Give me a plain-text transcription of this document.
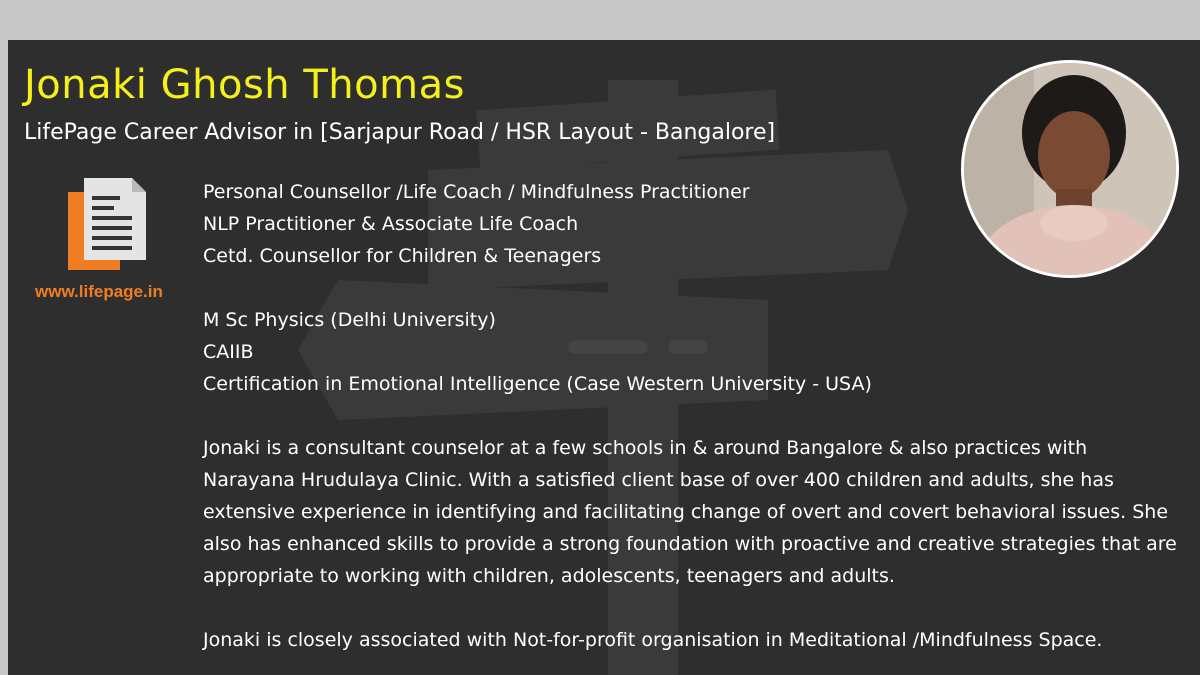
Jonaki Ghosh Thomas

LifePage Career Advisor in [Sarjapur Road / HSR Layout - Bangalore]

www.lifepage.in
Personal Counsellor /Life Coach / Mindfulness Practitioner
NLP Practitioner & Associate Life Coach
Cetd. Counsellor for Children & Teenagers
M Sc Physics (Delhi University)
CAIIB
Certification in Emotional Intelligence (Case Western University - USA)

Jonaki is a consultant counselor at a few schools in & around Bangalore & also practices with Narayana Hrudulaya Clinic. With a satisfied client base of over 400 children and adults, she has extensive experience in identifying and facilitating change of overt and covert behavioral issues. She also has enhanced skills to provide a strong foundation with proactive and creative strategies that are appropriate to working with children, adolescents, teenagers and adults.

Jonaki is closely associated with Not-for-profit organisation in Meditational /Mindfulness Space.
